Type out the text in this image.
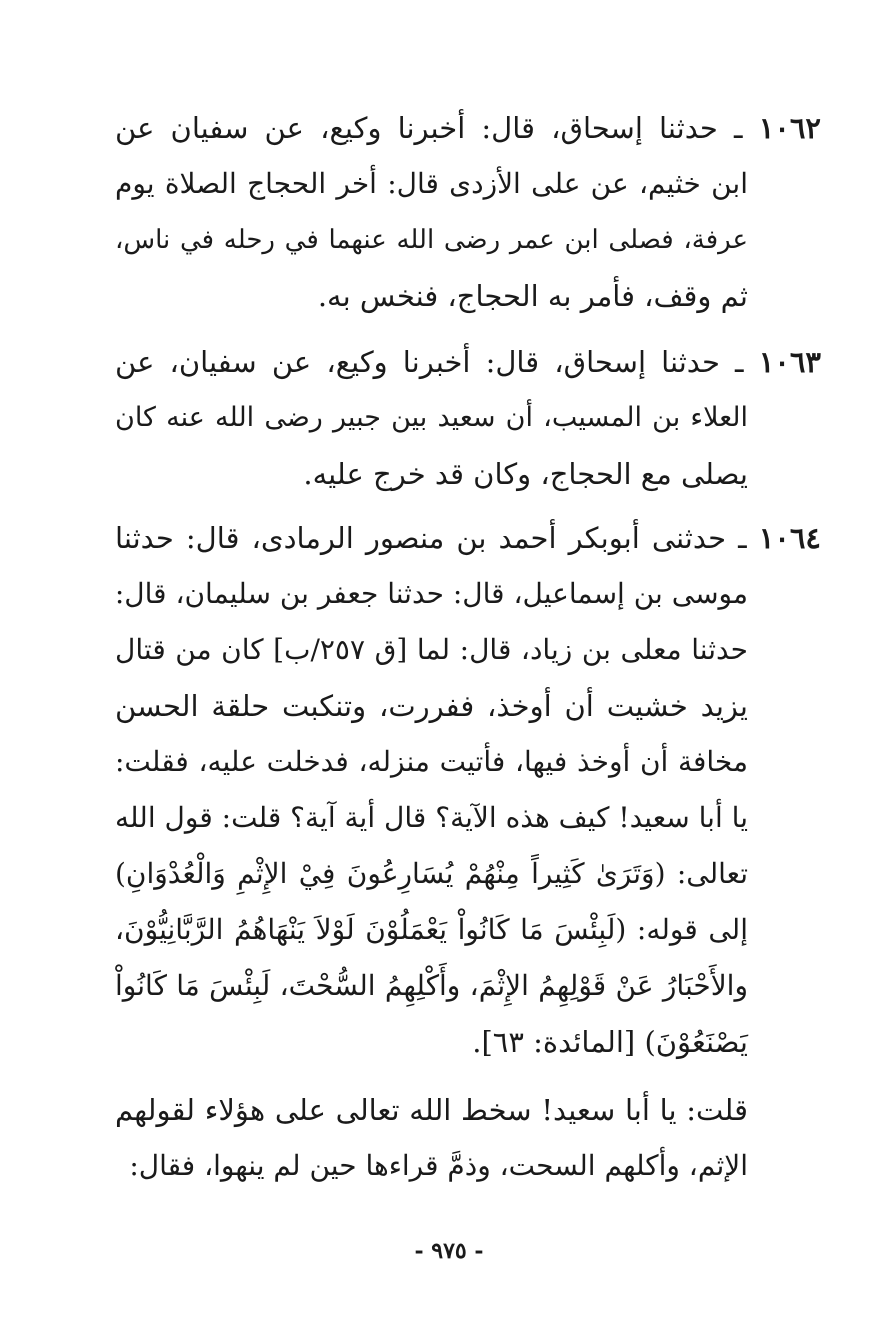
١٠٦٢ ـ حدثنا إسحاق، قال: أخبرنا وكيع، عن سفيان عن
ابن خثيم، عن على الأزدى قال: أخر الحجاج الصلاة يوم
عرفة، فصلى ابن عمر رضى الله عنهما في رحله في ناس،
ثم وقف، فأمر به الحجاج، فنخس به.
١٠٦٣ ـ حدثنا إسحاق، قال: أخبرنا وكيع، عن سفيان، عن
العلاء بن المسيب، أن سعيد بين جبير رضى الله عنه كان
يصلى مع الحجاج، وكان قد خرج عليه.
١٠٦٤ ـ حدثنى أبوبكر أحمد بن منصور الرمادى، قال: حدثنا
موسى بن إسماعيل، قال: حدثنا جعفر بن سليمان، قال:
حدثنا معلى بن زياد، قال: لما [ق ٢٥٧/ب] كان من قتال
يزيد خشيت أن أوخذ، ففررت، وتنكبت حلقة الحسن
مخافة أن أوخذ فيها، فأتيت منزله، فدخلت عليه، فقلت:
يا أبا سعيد! كيف هذه الآية؟ قال أية آية؟ قلت: قول الله
تعالى: (وَتَرَىٰ كَثِيراً مِنْهُمْ يُسَارِعُونَ فِيْ الإِثْمِ وَالْعُدْوَانِ)
إلى قوله: (لَبِئْسَ مَا كَانُواْ يَعْمَلُوْنَ لَوْلاَ يَنْهَاهُمُ الرَّبَّانِيُّوْنَ،
والأَحْبَارُ عَنْ قَوْلِهِمُ الإِثْمَ، وأَكْلِهِمُ السُّحْتَ، لَبِئْسَ مَا كَانُواْ
يَصْنَعُوْنَ) [المائدة: ٦٣].
قلت: يا أبا سعيد! سخط الله تعالى على هؤلاء لقولهم
الإثم، وأكلهم السحت، وذمَّ قراءها حين لم ينهوا، فقال:
- ٩٧٥ -
